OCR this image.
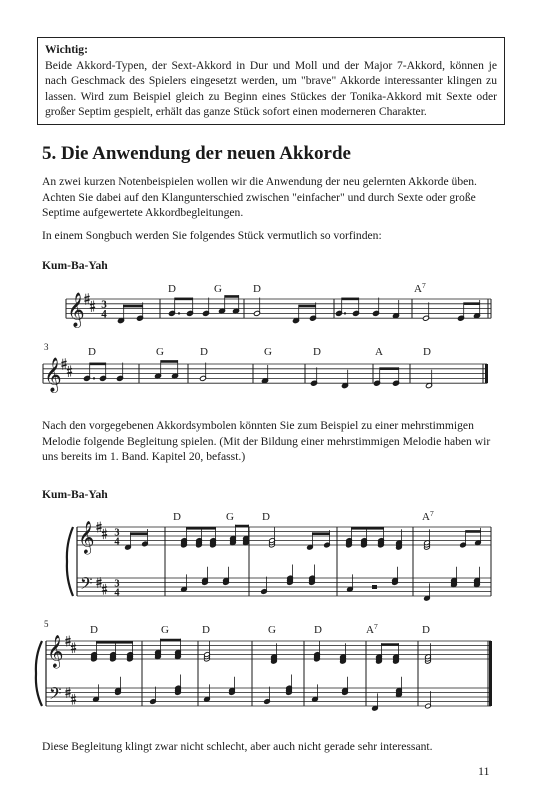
Wichtig:
Beide Akkord-Typen, der Sext-Akkord in Dur und Moll und der Major 7-Akkord, können je nach Geschmack des Spielers eingesetzt werden, um "brave" Akkorde interessanter klingen zu lassen. Wird zum Beispiel gleich zu Beginn eines Stückes der Tonika-Akkord mit Sexte oder großer Septim gespielt, erhält das ganze Stück sofort einen moderneren Charakter.
5. Die Anwendung der neuen Akkorde
An zwei kurzen Notenbeispielen wollen wir die Anwendung der neu gelernten Akkorde üben. Achten Sie dabei auf den Klangunterschied zwischen "einfacher" und durch Sexte oder große Septime aufgewertete Akkordbegleitungen.
In einem Songbuch werden Sie folgendes Stück vermutlich so vorfinden:
Kum-Ba-Yah
Nach den vorgegebenen Akkordsymbolen könnten Sie zum Beispiel zu einer mehrstimmigen Melodie folgende Begleitung spielen. (Mit der Bildung einer mehrstimmigen Melodie haben wir uns bereits im 1. Band. Kapitel 20, befasst.)
Kum-Ba-Yah
Diese Begleitung klingt zwar nicht schlecht, aber auch nicht gerade sehr interessant.
11
𝄞 3
4
D	G	D	A 7
𝄞
3	D	G	D	G	D	A	D
𝄞
𝄢
3
4
3
4
D	G	D	A 7
𝄞
𝄢
5	D	G	D	G	D	A 7	D
